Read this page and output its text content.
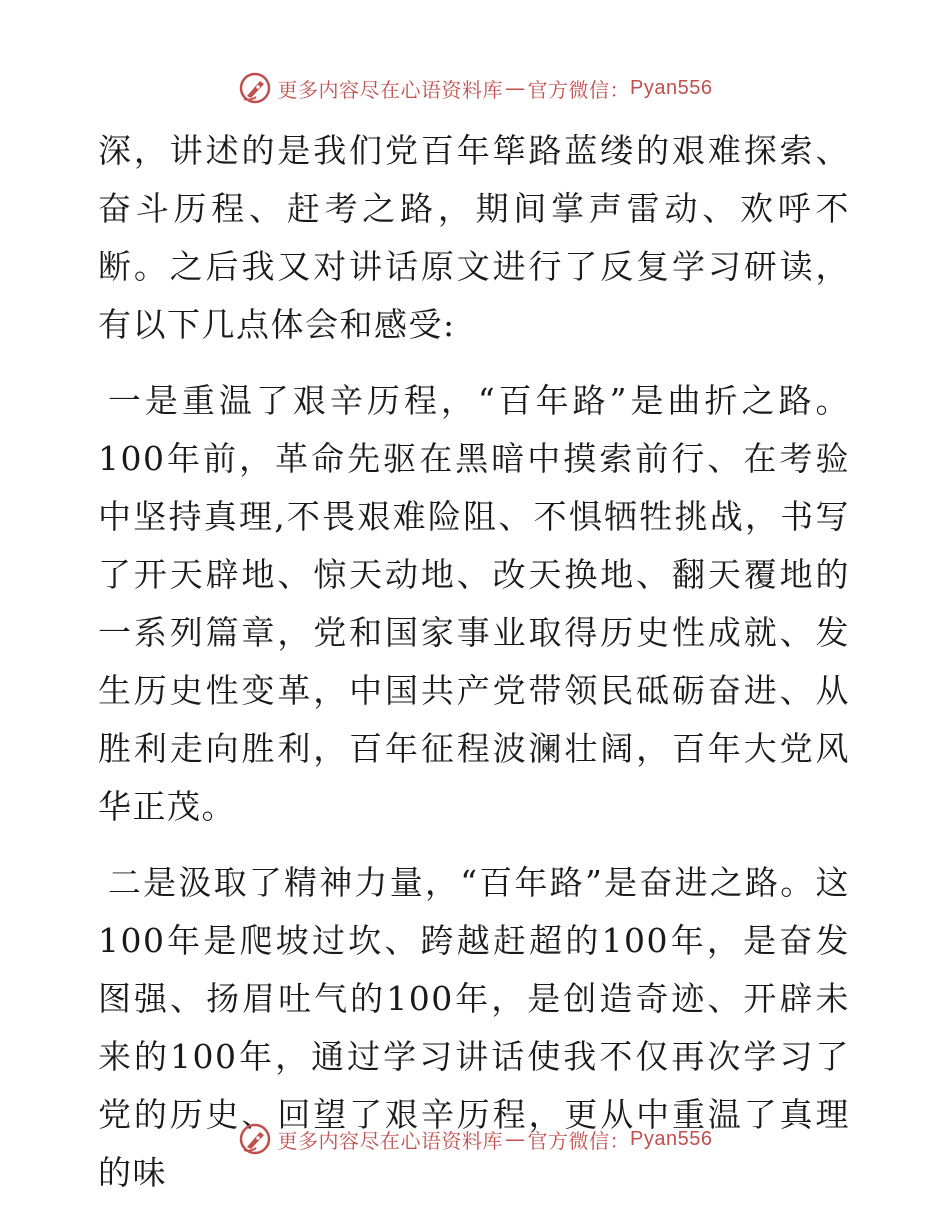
更多内容尽在心语资料库 — 官方微信： Pyan556

深，讲述的是我们党百年筚路蓝缕的艰难探索、奋斗历程、赶考之路，期间掌声雷动、欢呼不断。之后我又对讲话原文进行了反复学习研读，有以下几点体会和感受:

一是重温了艰辛历程，“百年路”是曲折之路。100年前，革命先驱在黑暗中摸索前行、在考验中坚持真理,不畏艰难险阻、不惧牺牲挑战，书写了开天辟地、惊天动地、改天换地、翻天覆地的一系列篇章，党和国家事业取得历史性成就、发生历史性变革，中国共产党带领民砥砺奋进、从胜利走向胜利，百年征程波澜壮阔，百年大党风华正茂。

二是汲取了精神力量，“百年路”是奋进之路。这100年是爬坡过坎、跨越赶超的100年，是奋发图强、扬眉吐气的100年，是创造奇迹、开辟未来的100年，通过学习讲话使我不仅再次学习了党的历史、回望了艰辛历程，更从中重温了真理的味

更多内容尽在心语资料库 — 官方微信： Pyan556
